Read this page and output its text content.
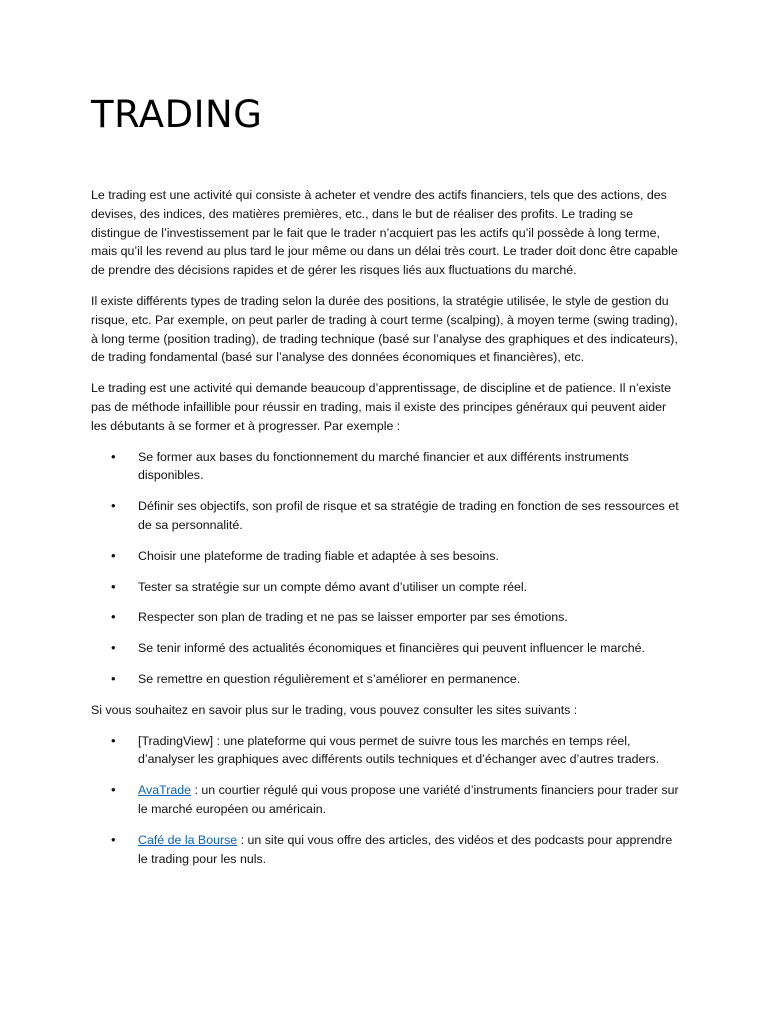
TRADING

Le trading est une activité qui consiste à acheter et vendre des actifs financiers, tels que des actions, des devises, des indices, des matières premières, etc., dans le but de réaliser des profits. Le trading se distingue de l’investissement par le fait que le trader n’acquiert pas les actifs qu’il possède à long terme, mais qu’il les revend au plus tard le jour même ou dans un délai très court. Le trader doit donc être capable de prendre des décisions rapides et de gérer les risques liés aux fluctuations du marché.

Il existe différents types de trading selon la durée des positions, la stratégie utilisée, le style de gestion du risque, etc. Par exemple, on peut parler de trading à court terme (scalping), à moyen terme (swing trading), à long terme (position trading), de trading technique (basé sur l’analyse des graphiques et des indicateurs), de trading fondamental (basé sur l’analyse des données économiques et financières), etc.

Le trading est une activité qui demande beaucoup d’apprentissage, de discipline et de patience. Il n’existe pas de méthode infaillible pour réussir en trading, mais il existe des principes généraux qui peuvent aider les débutants à se former et à progresser. Par exemple :

• Se former aux bases du fonctionnement du marché financier et aux différents instruments disponibles.
• Définir ses objectifs, son profil de risque et sa stratégie de trading en fonction de ses ressources et de sa personnalité.
• Choisir une plateforme de trading fiable et adaptée à ses besoins.
• Tester sa stratégie sur un compte démo avant d’utiliser un compte réel.
• Respecter son plan de trading et ne pas se laisser emporter par ses émotions.
• Se tenir informé des actualités économiques et financières qui peuvent influencer le marché.
• Se remettre en question régulièrement et s’améliorer en permanence.

Si vous souhaitez en savoir plus sur le trading, vous pouvez consulter les sites suivants :

• [TradingView] : une plateforme qui vous permet de suivre tous les marchés en temps réel, d’analyser les graphiques avec différents outils techniques et d’échanger avec d’autres traders.
• AvaTrade : un courtier régulé qui vous propose une variété d’instruments financiers pour trader sur le marché européen ou américain.
• Café de la Bourse : un site qui vous offre des articles, des vidéos et des podcasts pour apprendre le trading pour les nuls.
